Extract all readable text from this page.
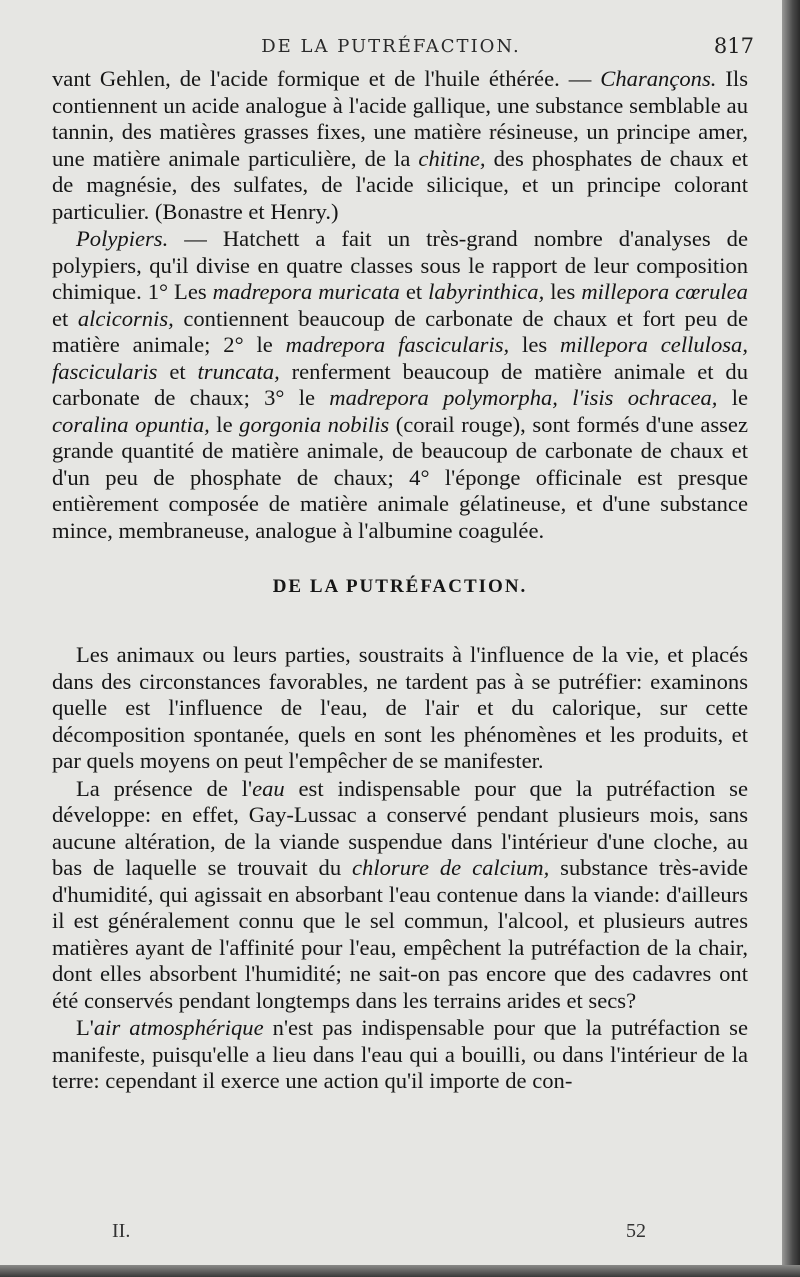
DE LA PUTRÉFACTION.	817

vant Gehlen, de l'acide formique et de l'huile éthérée. — Charançons. Ils contiennent un acide analogue à l'acide gallique, une substance semblable au tannin, des matières grasses fixes, une matière résineuse, un principe amer, une matière animale particulière, de la chitine, des phosphates de chaux et de magnésie, des sulfates, de l'acide silicique, et un principe colorant particulier. (Bonastre et Henry.)

Polypiers. — Hatchett a fait un très-grand nombre d'analyses de polypiers, qu'il divise en quatre classes sous le rapport de leur composition chimique. 1° Les madrepora muricata et labyrinthica, les millepora cœrulea et alcicornis, contiennent beaucoup de carbonate de chaux et fort peu de matière animale; 2° le madrepora fascicularis, les millepora cellulosa, fascicularis et truncata, renferment beaucoup de matière animale et du carbonate de chaux; 3° le madrepora polymorpha, l'isis ochracea, le coralina opuntia, le gorgonia nobilis (corail rouge), sont formés d'une assez grande quantité de matière animale, de beaucoup de carbonate de chaux et d'un peu de phosphate de chaux; 4° l'éponge officinale est presque entièrement composée de matière animale gélatineuse, et d'une substance mince, membraneuse, analogue à l'albumine coagulée.

DE LA PUTRÉFACTION.

Les animaux ou leurs parties, soustraits à l'influence de la vie, et placés dans des circonstances favorables, ne tardent pas à se putréfier: examinons quelle est l'influence de l'eau, de l'air et du calorique, sur cette décomposition spontanée, quels en sont les phénomènes et les produits, et par quels moyens on peut l'empêcher de se manifester.

La présence de l'eau est indispensable pour que la putréfaction se développe: en effet, Gay-Lussac a conservé pendant plusieurs mois, sans aucune altération, de la viande suspendue dans l'intérieur d'une cloche, au bas de laquelle se trouvait du chlorure de calcium, substance très-avide d'humidité, qui agissait en absorbant l'eau contenue dans la viande: d'ailleurs il est généralement connu que le sel commun, l'alcool, et plusieurs autres matières ayant de l'affinité pour l'eau, empêchent la putréfaction de la chair, dont elles absorbent l'humidité; ne sait-on pas encore que des cadavres ont été conservés pendant longtemps dans les terrains arides et secs?

L'air atmosphérique n'est pas indispensable pour que la putréfaction se manifeste, puisqu'elle a lieu dans l'eau qui a bouilli, ou dans l'intérieur de la terre: cependant il exerce une action qu'il importe de con-

II.	52
